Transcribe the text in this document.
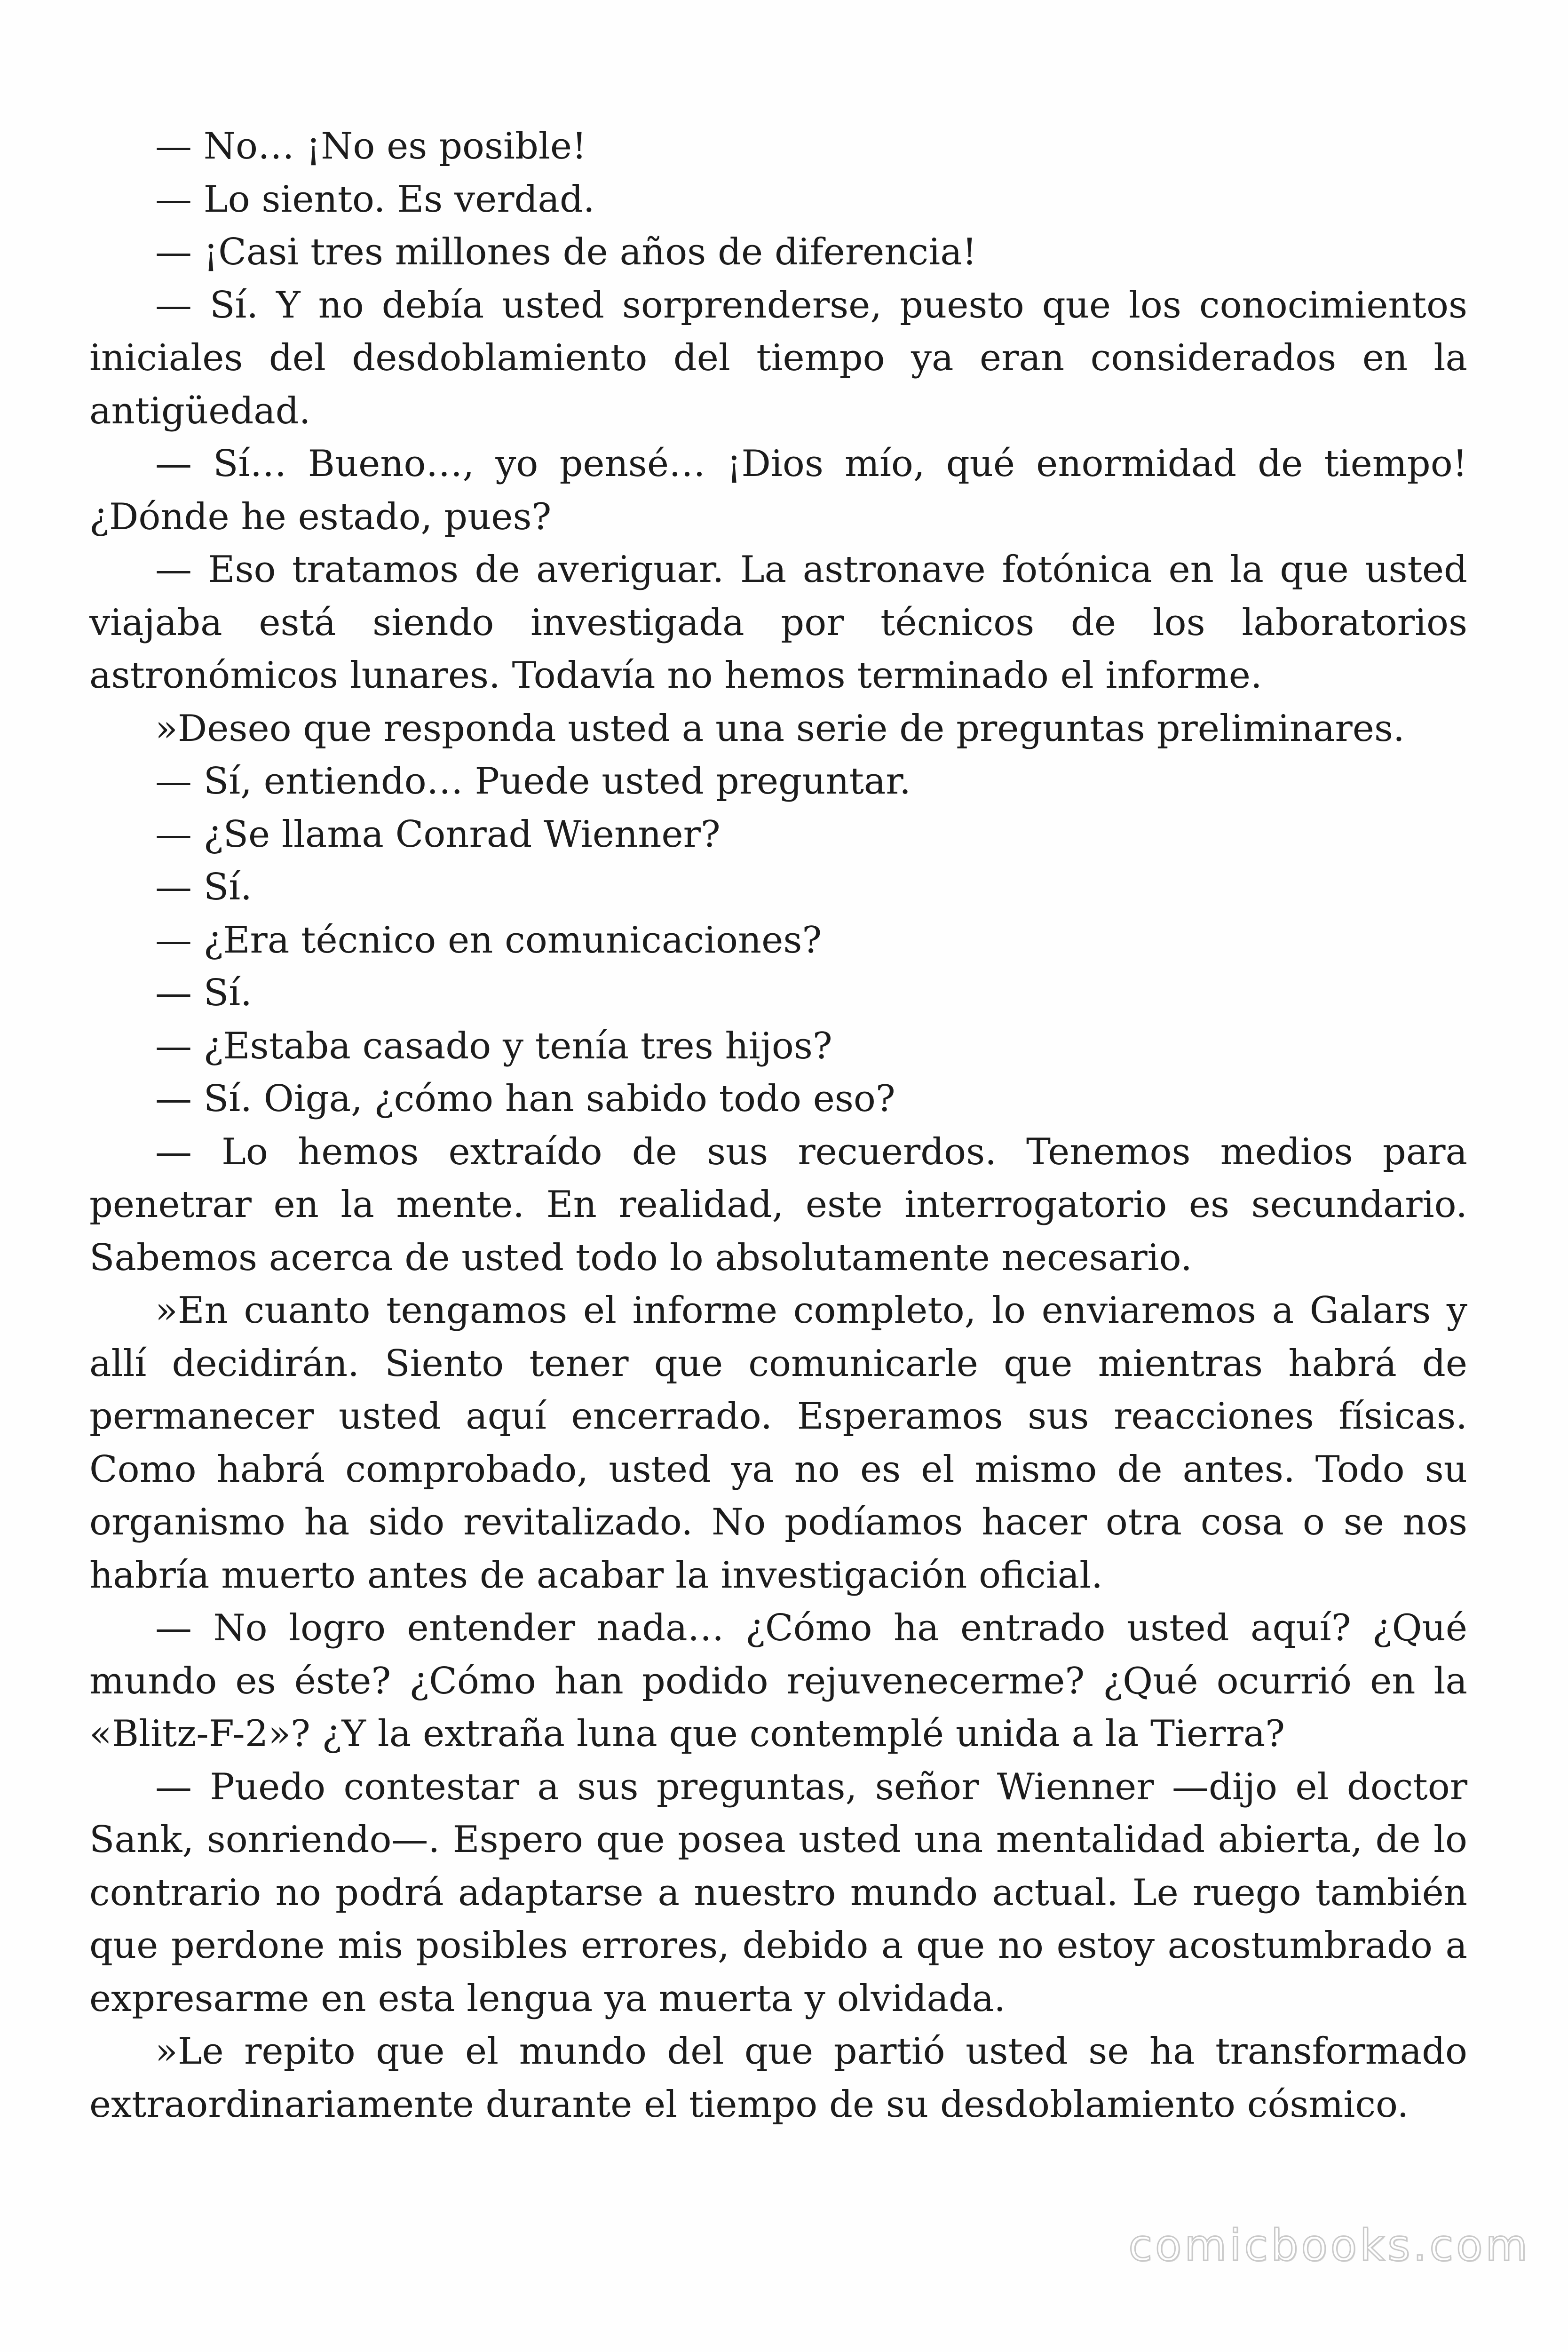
— No… ¡No es posible!

— Lo siento. Es verdad.

— ¡Casi tres millones de años de diferencia!

— Sí. Y no debía usted sorprenderse, puesto que los conocimientos iniciales del desdoblamiento del tiempo ya eran considerados en la antigüedad.

— Sí… Bueno…, yo pensé… ¡Dios mío, qué enormidad de tiempo! ¿Dónde he estado, pues?

— Eso tratamos de averiguar. La astronave fotónica en la que usted viajaba está siendo investigada por técnicos de los laboratorios astronómicos lunares. Todavía no hemos terminado el informe.

»Deseo que responda usted a una serie de preguntas preliminares.

— Sí, entiendo… Puede usted preguntar.

— ¿Se llama Conrad Wienner?

— Sí.

— ¿Era técnico en comunicaciones?

— Sí.

— ¿Estaba casado y tenía tres hijos?

— Sí. Oiga, ¿cómo han sabido todo eso?

— Lo hemos extraído de sus recuerdos. Tenemos medios para penetrar en la mente. En realidad, este interrogatorio es secundario. Sabemos acerca de usted todo lo absolutamente necesario.

»En cuanto tengamos el informe completo, lo enviaremos a Galars y allí decidirán. Siento tener que comunicarle que mientras habrá de permanecer usted aquí encerrado. Esperamos sus reacciones físicas. Como habrá comprobado, usted ya no es el mismo de antes. Todo su organismo ha sido revitalizado. No podíamos hacer otra cosa o se nos habría muerto antes de acabar la investigación oficial.

— No logro entender nada… ¿Cómo ha entrado usted aquí? ¿Qué mundo es éste? ¿Cómo han podido rejuvenecerme? ¿Qué ocurrió en la «Blitz-F-2»? ¿Y la extraña luna que contemplé unida a la Tierra?

— Puedo contestar a sus preguntas, señor Wienner —dijo el doctor Sank, sonriendo—. Espero que posea usted una mentalidad abierta, de lo contrario no podrá adaptarse a nuestro mundo actual. Le ruego también que perdone mis posibles errores, debido a que no estoy acostumbrado a expresarme en esta lengua ya muerta y olvidada.

»Le repito que el mundo del que partió usted se ha transformado extraordinariamente durante el tiempo de su desdoblamiento cósmico.

comicbooks.com
